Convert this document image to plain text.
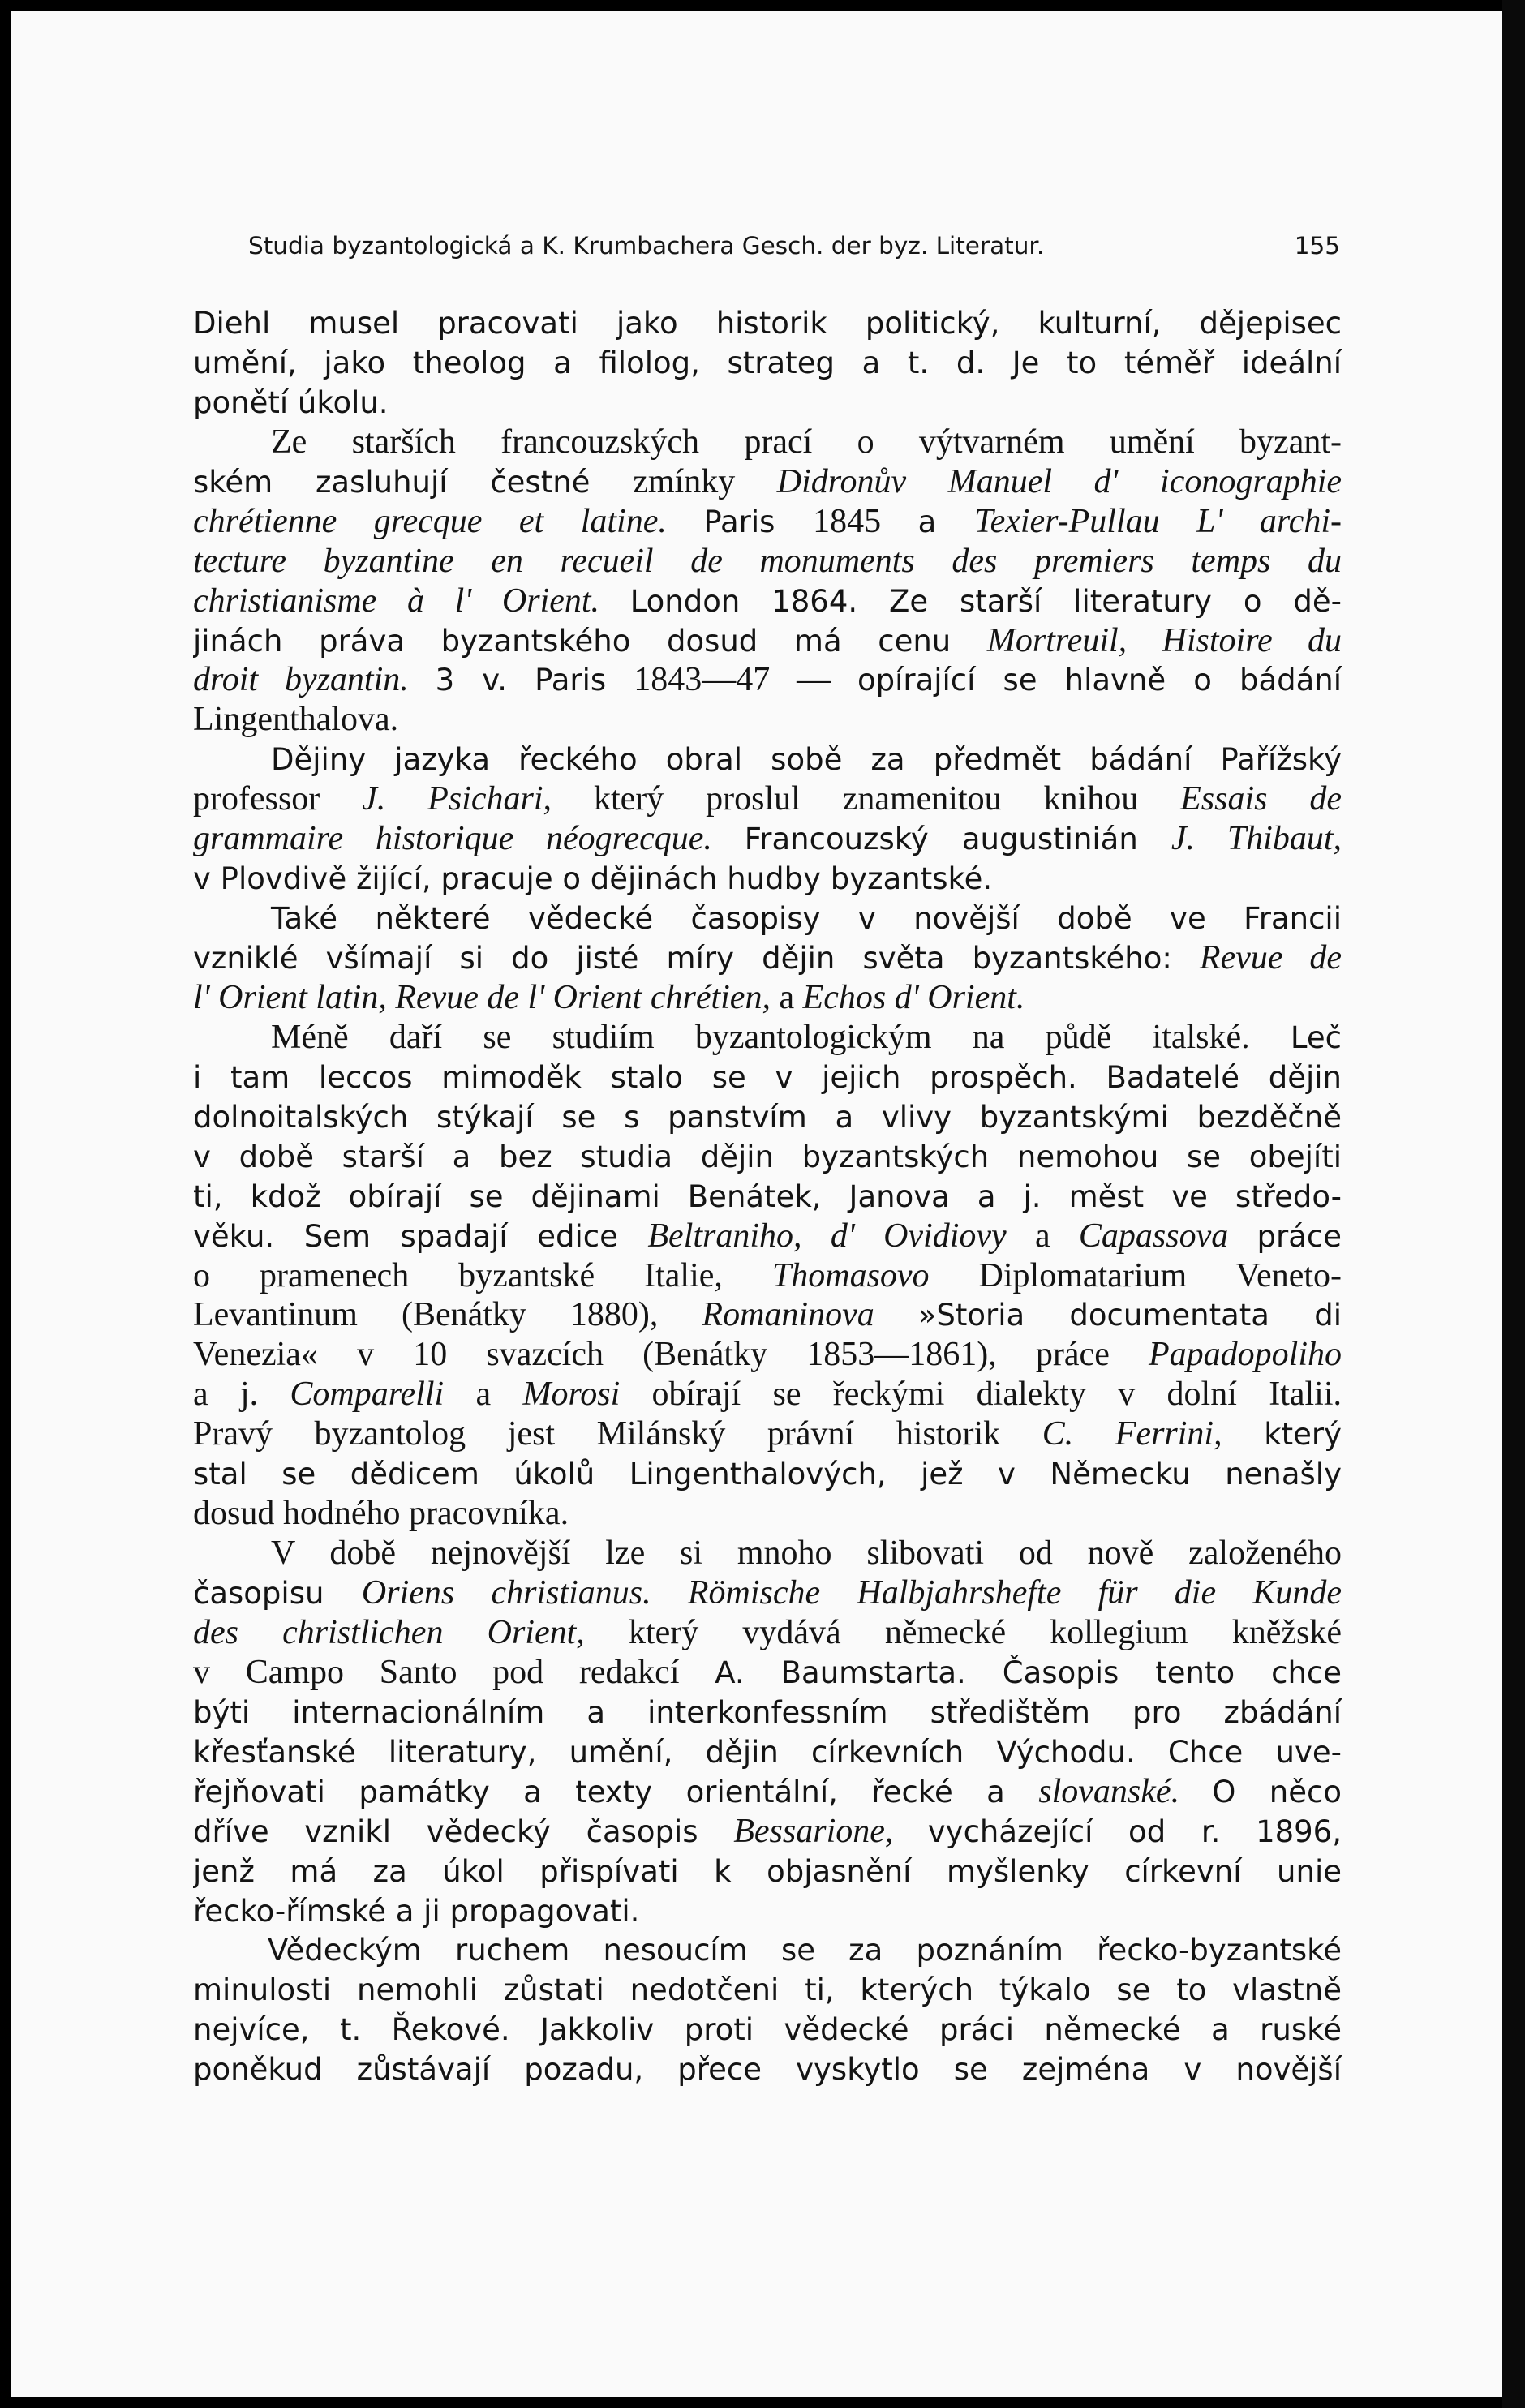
Studia byzantologická a K. Krumbachera Gesch. der byz. Literatur.	155
Diehl musel pracovati jako historik politický, kulturní, dějepisec
umění, jako theolog a filolog, strateg a t. d. Je to téměř ideální
ponětí úkolu.
Ze starších francouzských prací o výtvarném umění byzant-
ském zasluhují čestné zmínky Didronův Manuel d' iconographie
chrétienne grecque et latine. Paris 1845 a Texier-Pullau L' archi-
tecture byzantine en recueil de monuments des premiers temps du
christianisme à l' Orient. London 1864. Ze starší literatury o dě-
jinách práva byzantského dosud má cenu Mortreuil, Histoire du
droit byzantin. 3 v. Paris 1843—47 — opírající se hlavně o bádání
Lingenthalova.
Dějiny jazyka řeckého obral sobě za předmět bádání Pařížský
professor J. Psichari, který proslul znamenitou knihou Essais de
grammaire historique néogrecque. Francouzský augustinián J. Thibaut,
v Plovdivě žijící, pracuje o dějinách hudby byzantské.
Také některé vědecké časopisy v novější době ve Francii
vzniklé všímají si do jisté míry dějin světa byzantského: Revue de
l' Orient latin, Revue de l' Orient chrétien, a Echos d' Orient.
Méně daří se studiím byzantologickým na půdě italské. Leč
i tam leccos mimoděk stalo se v jejich prospěch. Badatelé dějin
dolnoitalských stýkají se s panstvím a vlivy byzantskými bezděčně
v době starší a bez studia dějin byzantských nemohou se obejíti
ti, kdož obírají se dějinami Benátek, Janova a j. měst ve středo-
věku. Sem spadají edice Beltraniho, d' Ovidiovy a Capassova práce
o pramenech byzantské Italie, Thomasovo Diplomatarium Veneto-
Levantinum (Benátky 1880), Romaninova »Storia documentata di
Venezia« v 10 svazcích (Benátky 1853—1861), práce Papadopoliho
a j. Comparelli a Morosi obírají se řeckými dialekty v dolní Italii.
Pravý byzantolog jest Milánský právní historik C. Ferrini, který
stal se dědicem úkolů Lingenthalových, jež v Německu nenašly
dosud hodného pracovníka.
V době nejnovější lze si mnoho slibovati od nově založeného
časopisu Oriens christianus. Römische Halbjahrshefte für die Kunde
des christlichen Orient, který vydává německé kollegium kněžské
v Campo Santo pod redakcí A. Baumstarta. Časopis tento chce
býti internacionálním a interkonfessním středištěm pro zbádání
křesťanské literatury, umění, dějin církevních Východu. Chce uve-
řejňovati památky a texty orientální, řecké a slovanské. O něco
dříve vznikl vědecký časopis Bessarione, vycházející od r. 1896,
jenž má za úkol přispívati k objasnění myšlenky církevní unie
řecko-římské a ji propagovati.
Vědeckým ruchem nesoucím se za poznáním řecko-byzantské
minulosti nemohli zůstati nedotčeni ti, kterých týkalo se to vlastně
nejvíce, t. Řekové. Jakkoliv proti vědecké práci německé a ruské
poněkud zůstávají pozadu, přece vyskytlo se zejména v novější
